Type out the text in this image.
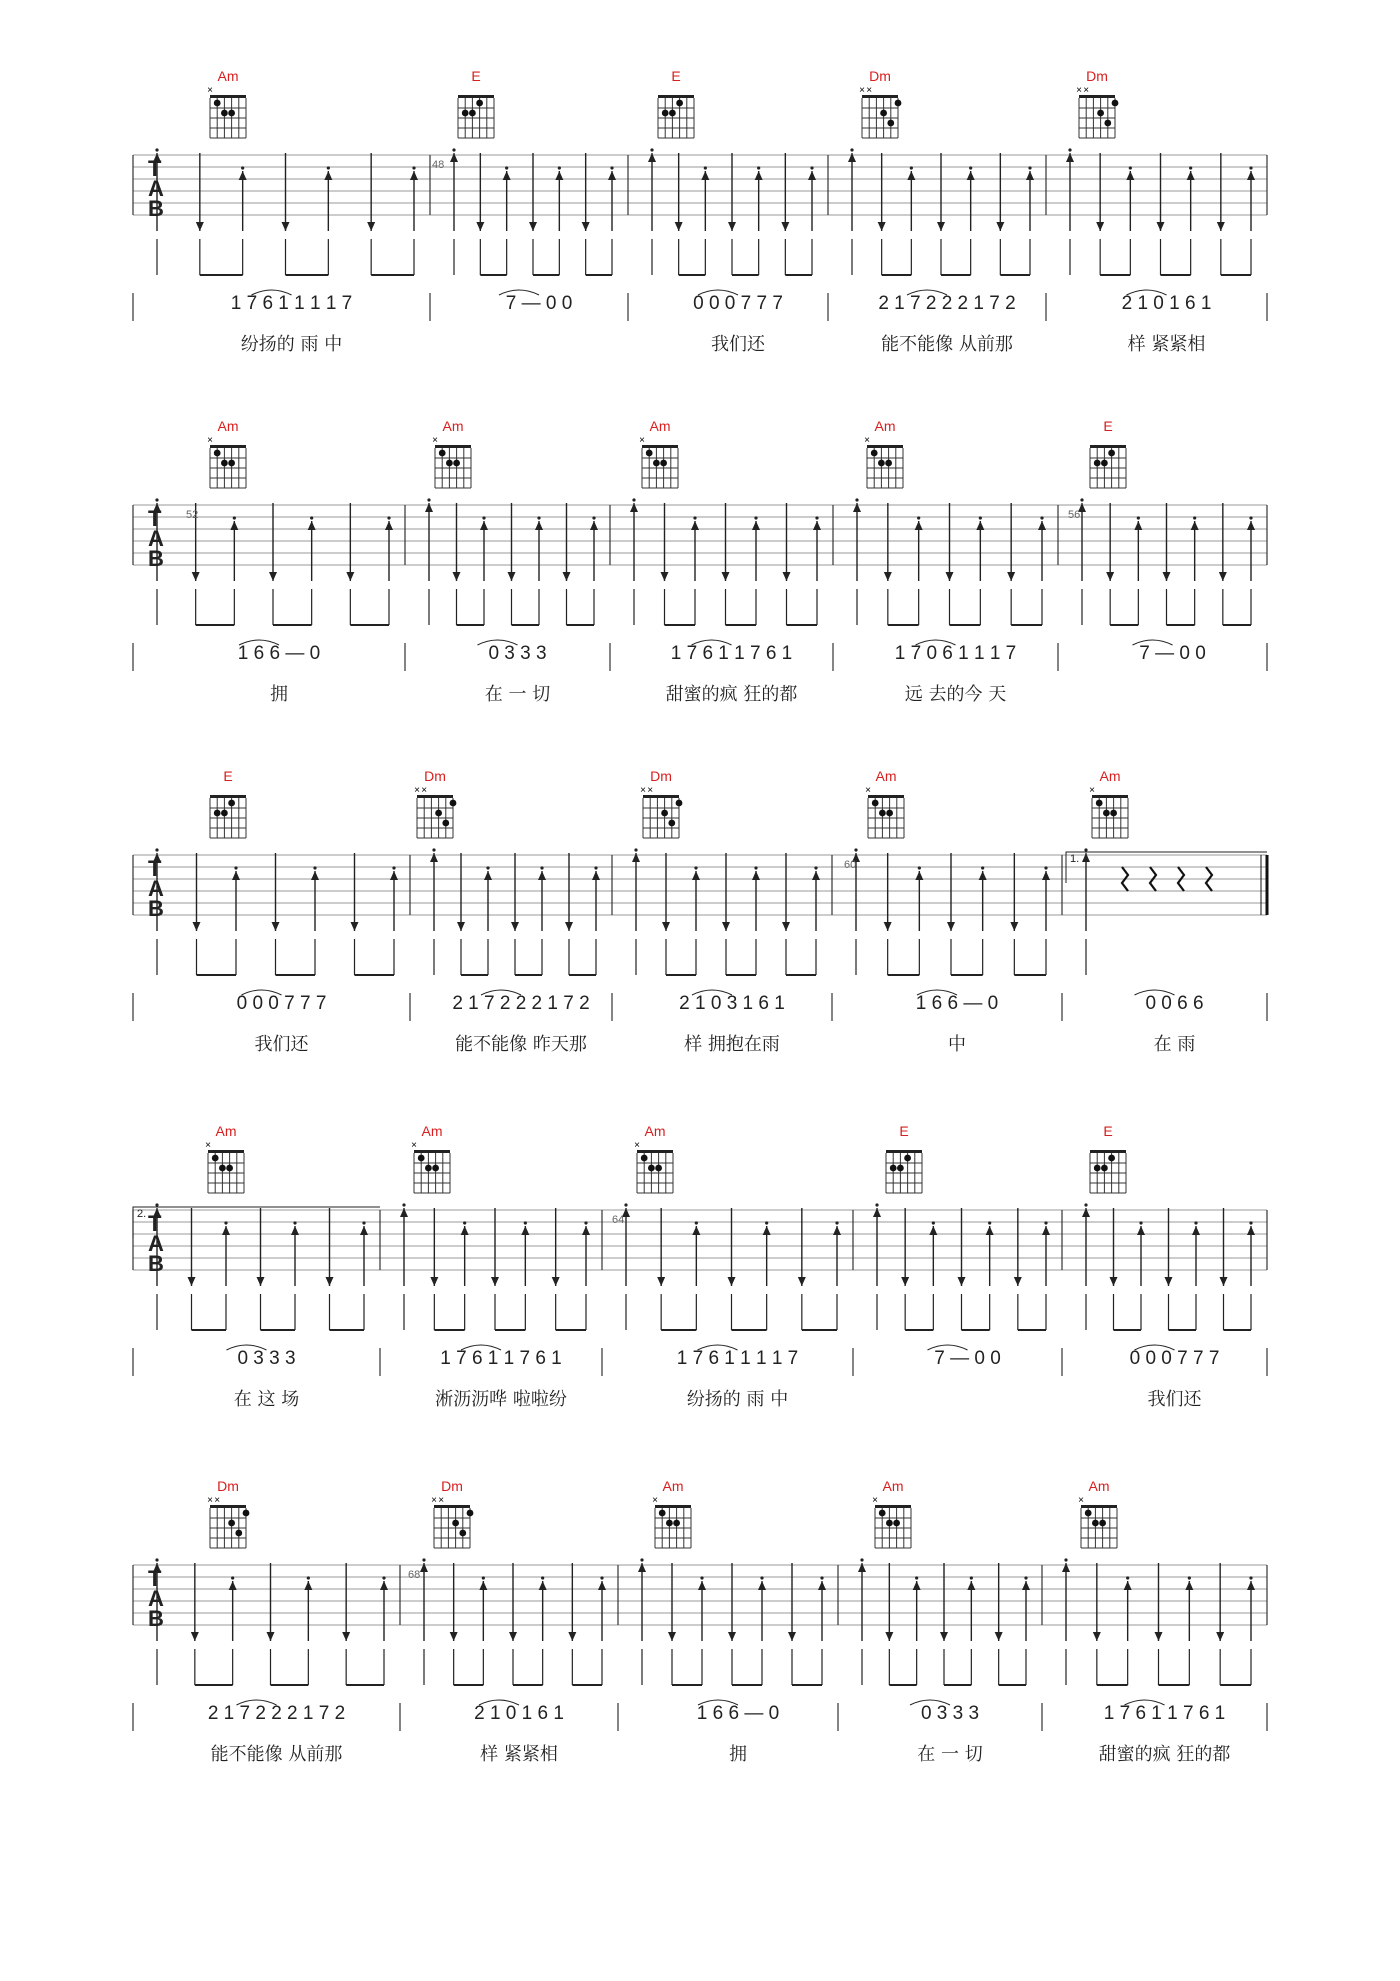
×	× ×	× ×
×	×	×	×
× ×	× ×	×	×
×	×	×
× ×	× ×	×	×	×
Am	E	E	Dm	Dm
T
A
B
48
1 7 6 1 1 1 1 7	7 — 0 0	0 0 0 7 7 7	2 1 7 2 2 2 1 7 2	2 1 0 1 6 1
纷扬的 雨 中	我们还	能不能像 从前那	样 紧紧相
Am	Am	Am	Am	E
T
A
B
52	56
1 6 6 — 0	0 3 3 3	1 7 6 1 1 7 6 1	1 7 0 6 1 1 1 7	7 — 0 0
拥	在 一 切	甜蜜的疯 狂的都	远 去的今 天
E	Dm	Dm	Am	Am
T
A
B
60	1.
0 0 0 7 7 7	2 1 7 2 2 2 1 7 2	2 1 0 3 1 6 1	1 6 6 — 0	0 0 6 6
我们还	能不能像 昨天那	样 拥抱在雨	中	在 雨
Am	Am	Am	E	E
T
A
B
64
2.
0 3 3 3	1 7 6 1 1 7 6 1	1 7 6 1 1 1 1 7	7 — 0 0	0 0 0 7 7 7
在 这 场	淅沥沥哗 啦啦纷	纷扬的 雨 中	我们还
Dm	Dm	Am	Am	Am
T
A
B
68
2 1 7 2 2 2 1 7 2	2 1 0 1 6 1	1 6 6 — 0	0 3 3 3	1 7 6 1 1 7 6 1
能不能像 从前那	样 紧紧相	拥	在 一 切	甜蜜的疯 狂的都
